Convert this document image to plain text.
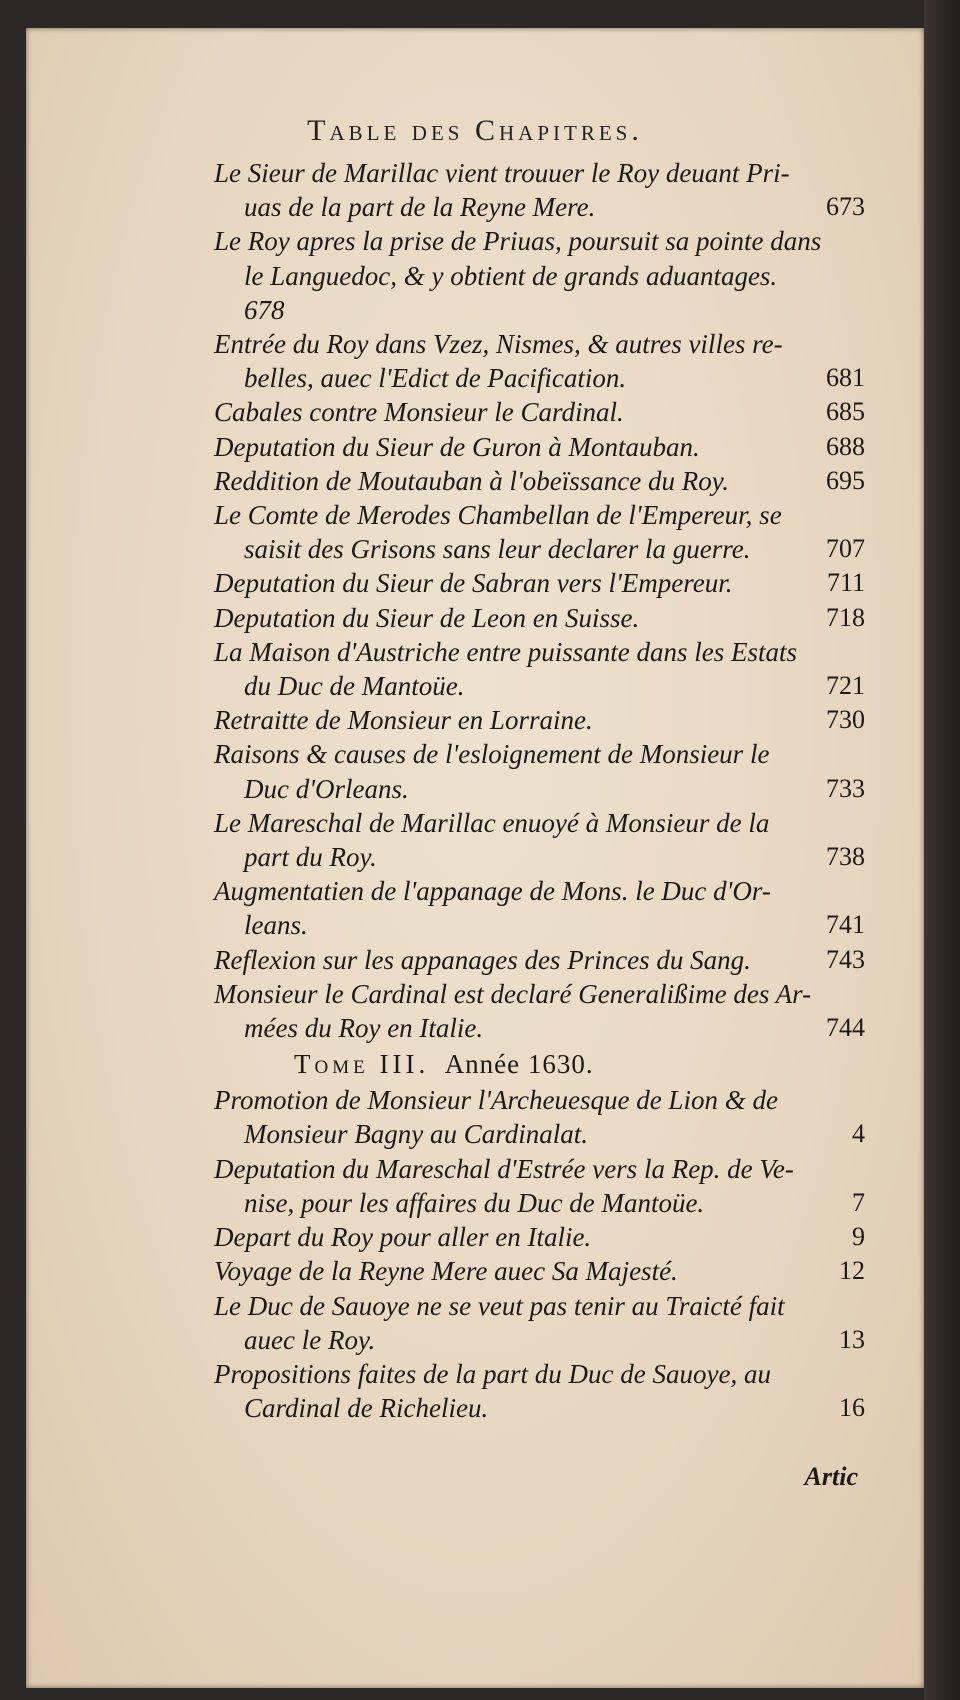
Table des Chapitres.
Le Sieur de Marillac vient trouuer le Roy deuant Pri-
uas de la part de la Reyne Mere.	673
Le Roy apres la prise de Priuas, poursuit sa pointe dans
le Languedoc, & y obtient de grands aduantages.
678
Entrée du Roy dans Vzez, Nismes, & autres villes re-
belles, auec l'Edict de Pacification.	681
Cabales contre Monsieur le Cardinal.	685
Deputation du Sieur de Guron à Montauban.	688
Reddition de Moutauban à l'obeïssance du Roy.	695
Le Comte de Merodes Chambellan de l'Empereur, se
saisit des Grisons sans leur declarer la guerre.	707
Deputation du Sieur de Sabran vers l'Empereur.	711
Deputation du Sieur de Leon en Suisse.	718
La Maison d'Austriche entre puissante dans les Estats
du Duc de Mantoüe.	721
Retraitte de Monsieur en Lorraine.	730
Raisons & causes de l'esloignement de Monsieur le
Duc d'Orleans.	733
Le Mareschal de Marillac enuoyé à Monsieur de la
part du Roy.	738
Augmentatien de l'appanage de Mons. le Duc d'Or-
leans.	741
Reflexion sur les appanages des Princes du Sang.	743
Monsieur le Cardinal est declaré Generalißime des Ar-
mées du Roy en Italie.	744
Tome III. Année 1630.
Promotion de Monsieur l'Archeuesque de Lion & de
Monsieur Bagny au Cardinalat.	4
Deputation du Mareschal d'Estrée vers la Rep. de Ve-
nise, pour les affaires du Duc de Mantoüe.	7
Depart du Roy pour aller en Italie.	9
Voyage de la Reyne Mere auec Sa Majesté.	12
Le Duc de Sauoye ne se veut pas tenir au Traicté fait
auec le Roy.	13
Propositions faites de la part du Duc de Sauoye, au
Cardinal de Richelieu.	16
Artic
